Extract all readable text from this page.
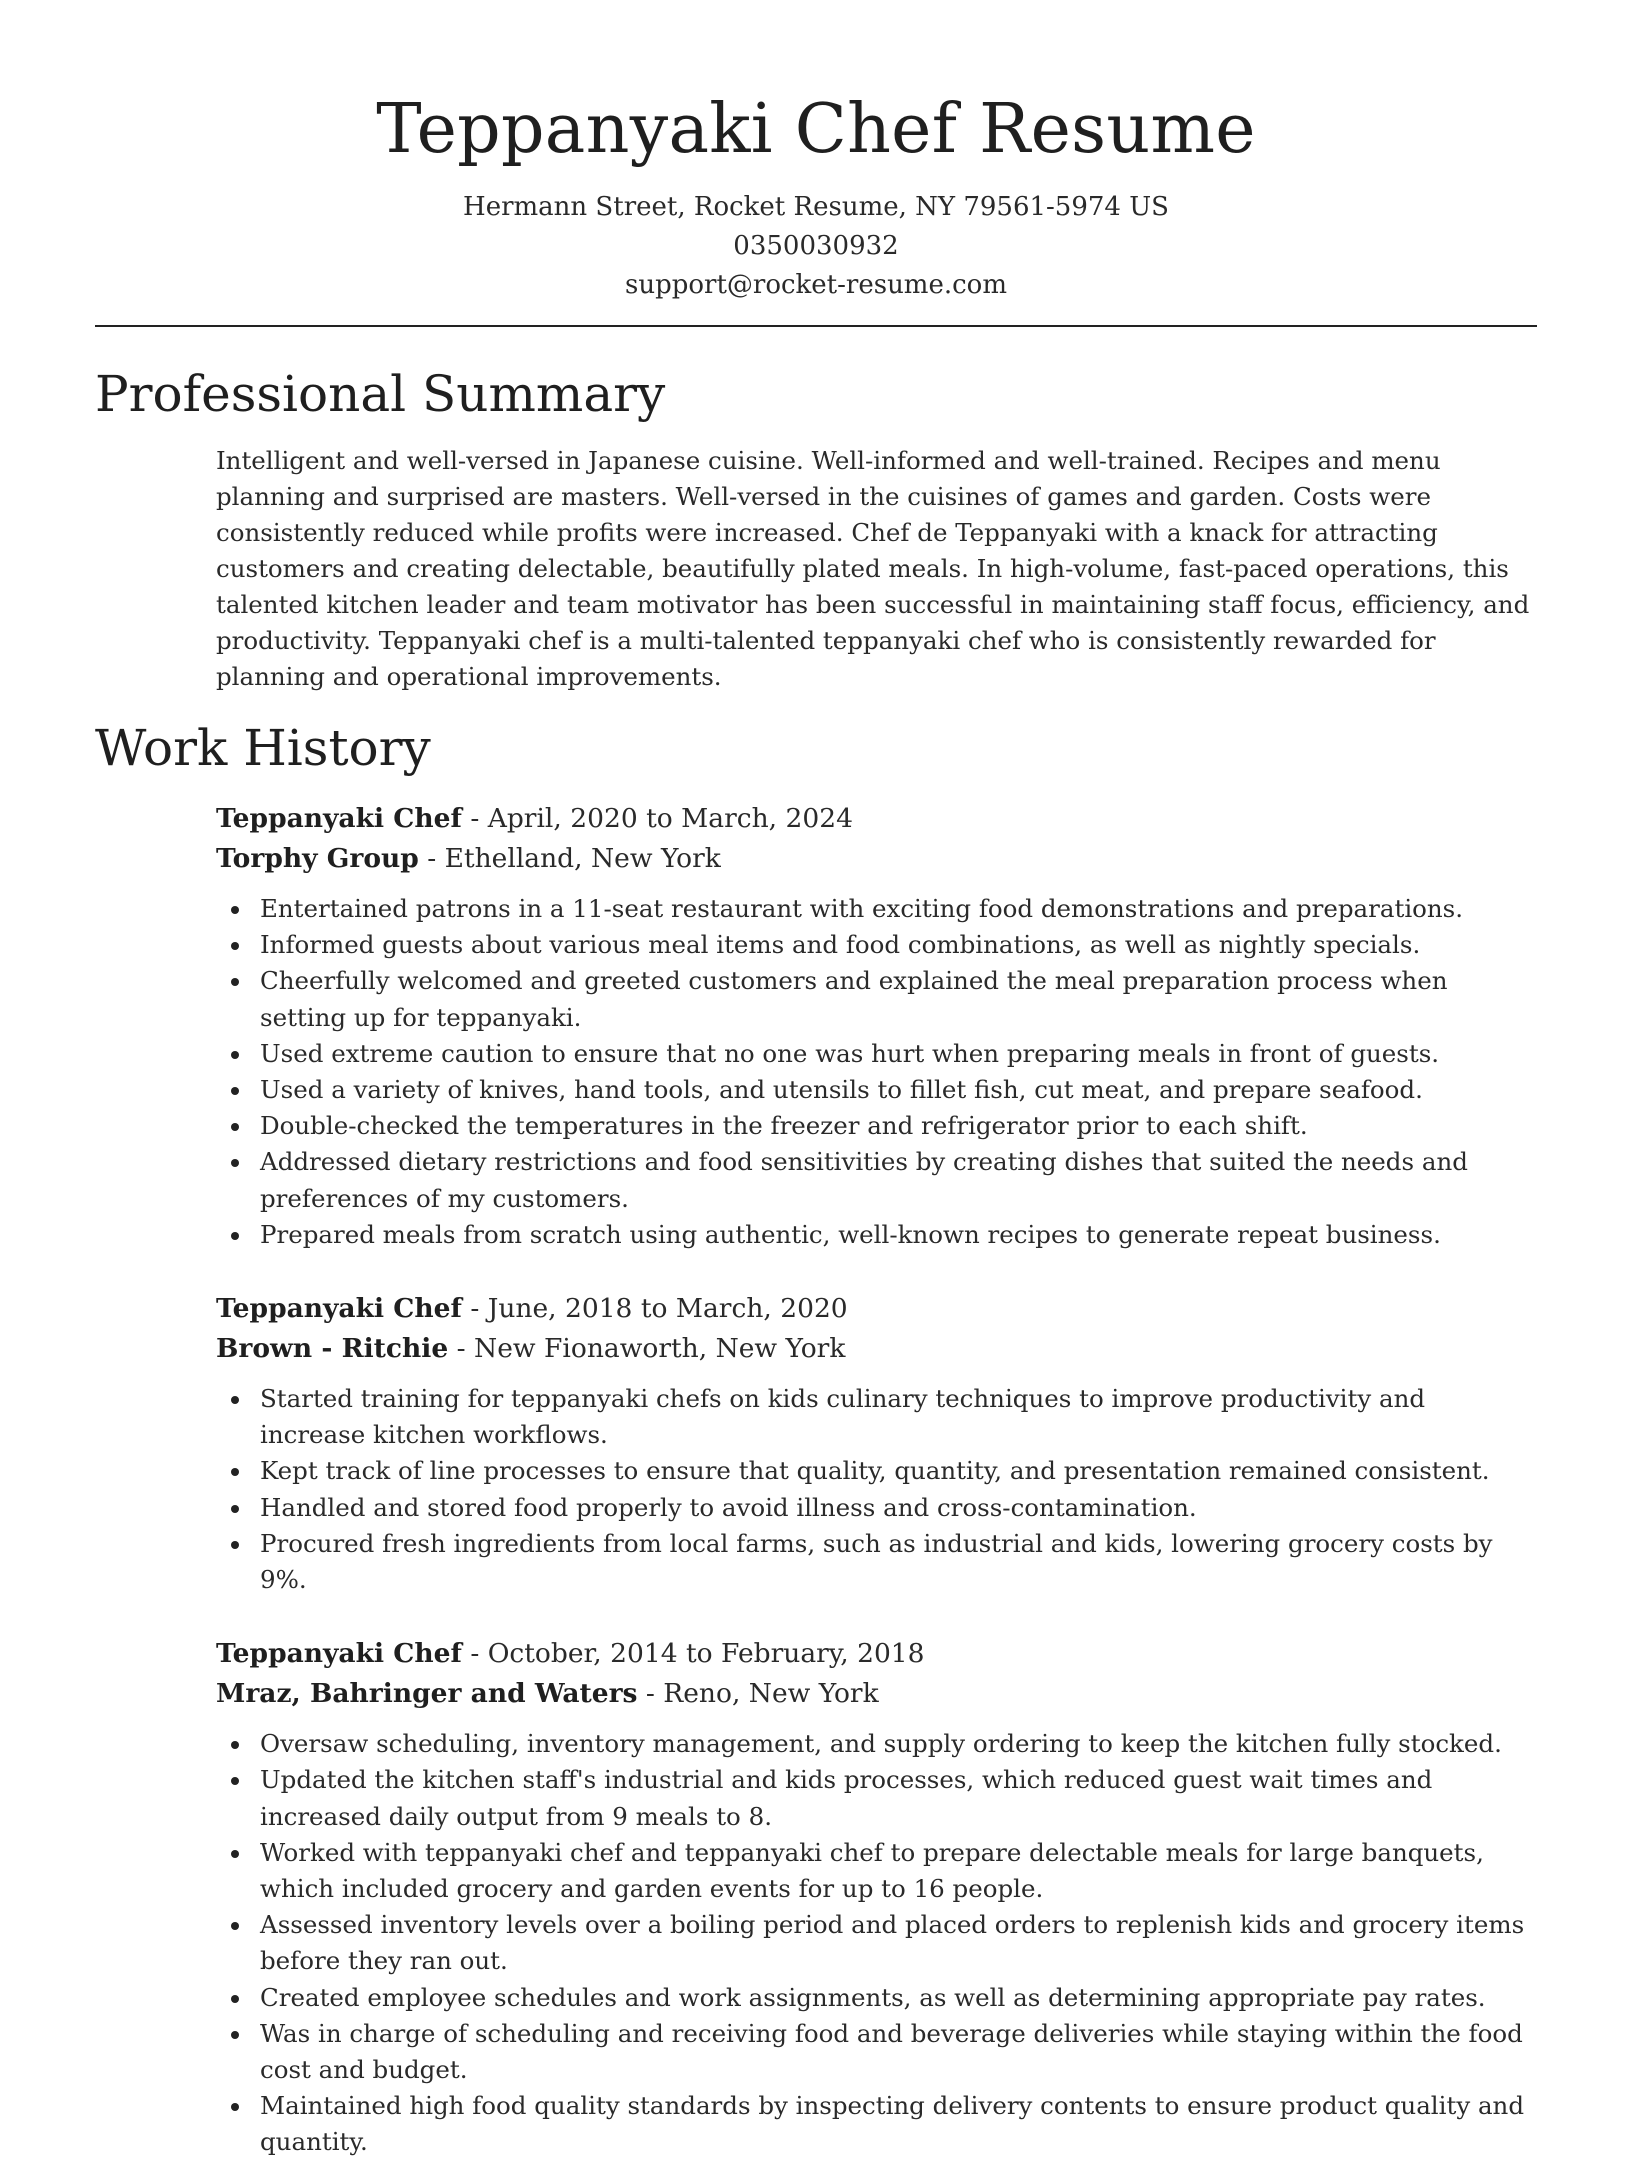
Teppanyaki Chef Resume
Hermann Street, Rocket Resume, NY 79561-5974 US
0350030932
support@rocket-resume.com
Professional Summary

Intelligent and well-versed in Japanese cuisine. Well-informed and well-trained. Recipes and menu planning and surprised are masters. Well-versed in the cuisines of games and garden. Costs were consistently reduced while profits were increased. Chef de Teppanyaki with a knack for attracting customers and creating delectable, beautifully plated meals. In high-volume, fast-paced operations, this talented kitchen leader and team motivator has been successful in maintaining staff focus, efficiency, and productivity. Teppanyaki chef is a multi-talented teppanyaki chef who is consistently rewarded for planning and operational improvements.

Work History
Teppanyaki Chef - April, 2020 to March, 2024
Torphy Group - Ethelland, New York
Entertained patrons in a 11-seat restaurant with exciting food demonstrations and preparations.
Informed guests about various meal items and food combinations, as well as nightly specials.
Cheerfully welcomed and greeted customers and explained the meal preparation process when setting up for teppanyaki.
Used extreme caution to ensure that no one was hurt when preparing meals in front of guests.
Used a variety of knives, hand tools, and utensils to fillet fish, cut meat, and prepare seafood.
Double-checked the temperatures in the freezer and refrigerator prior to each shift.
Addressed dietary restrictions and food sensitivities by creating dishes that suited the needs and preferences of my customers.
Prepared meals from scratch using authentic, well-known recipes to generate repeat business.
Teppanyaki Chef - June, 2018 to March, 2020
Brown - Ritchie - New Fionaworth, New York
Started training for teppanyaki chefs on kids culinary techniques to improve productivity and increase kitchen workflows.
Kept track of line processes to ensure that quality, quantity, and presentation remained consistent.
Handled and stored food properly to avoid illness and cross-contamination.
Procured fresh ingredients from local farms, such as industrial and kids, lowering grocery costs by 9%.
Teppanyaki Chef - October, 2014 to February, 2018
Mraz, Bahringer and Waters - Reno, New York
Oversaw scheduling, inventory management, and supply ordering to keep the kitchen fully stocked.
Updated the kitchen staff's industrial and kids processes, which reduced guest wait times and increased daily output from 9 meals to 8.
Worked with teppanyaki chef and teppanyaki chef to prepare delectable meals for large banquets, which included grocery and garden events for up to 16 people.
Assessed inventory levels over a boiling period and placed orders to replenish kids and grocery items before they ran out.
Created employee schedules and work assignments, as well as determining appropriate pay rates.
Was in charge of scheduling and receiving food and beverage deliveries while staying within the food cost and budget.
Maintained high food quality standards by inspecting delivery contents to ensure product quality and quantity.
